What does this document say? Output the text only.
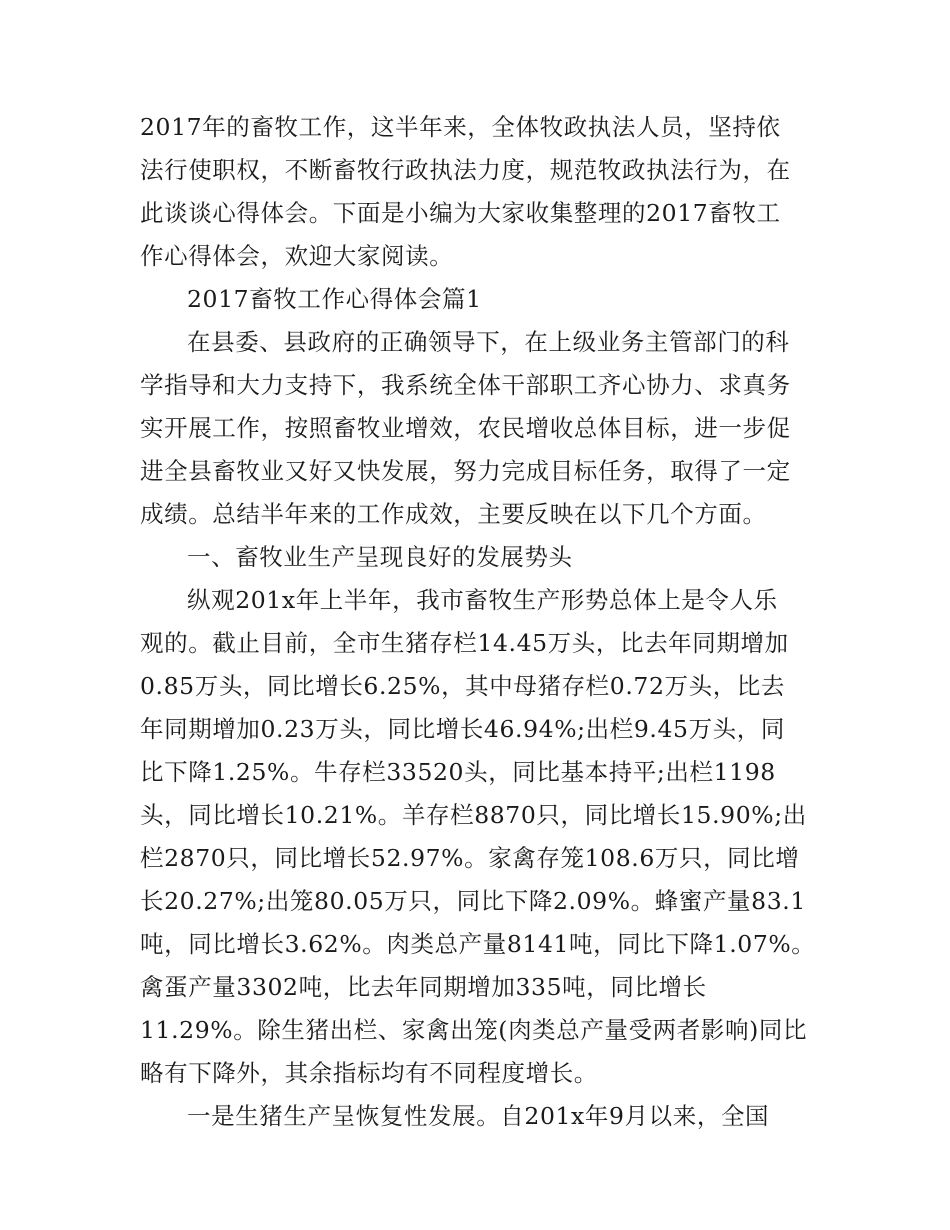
2017年的畜牧工作，这半年来，全体牧政执法人员，坚持依
法行使职权，不断畜牧行政执法力度，规范牧政执法行为，在
此谈谈心得体会。下面是小编为大家收集整理的2017畜牧工
作心得体会，欢迎大家阅读。
2017畜牧工作心得体会篇1
在县委、县政府的正确领导下，在上级业务主管部门的科
学指导和大力支持下，我系统全体干部职工齐心协力、求真务
实开展工作，按照畜牧业增效，农民增收总体目标，进一步促
进全县畜牧业又好又快发展，努力完成目标任务，取得了一定
成绩。总结半年来的工作成效，主要反映在以下几个方面。
一、畜牧业生产呈现良好的发展势头
纵观201x年上半年，我市畜牧生产形势总体上是令人乐
观的。截止目前，全市生猪存栏14.45万头，比去年同期增加
0.85万头，同比增长6.25%，其中母猪存栏0.72万头，比去
年同期增加0.23万头，同比增长46.94%;出栏9.45万头，同
比下降1.25%。牛存栏33520头，同比基本持平;出栏1198
头，同比增长10.21%。羊存栏8870只，同比增长15.90%;出
栏2870只，同比增长52.97%。家禽存笼108.6万只，同比增
长20.27%;出笼80.05万只，同比下降2.09%。蜂蜜产量83.1
吨，同比增长3.62%。肉类总产量8141吨，同比下降1.07%。
禽蛋产量3302吨，比去年同期增加335吨，同比增长
11.29%。除生猪出栏、家禽出笼(肉类总产量受两者影响)同比
略有下降外，其余指标均有不同程度增长。
一是生猪生产呈恢复性发展。自201x年9月以来，全国
